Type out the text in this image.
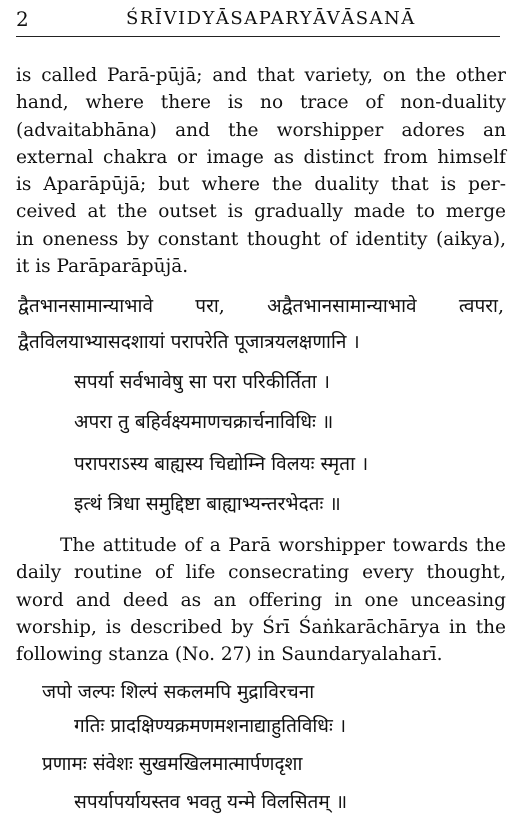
2	ŚRĪVIDYĀSAPARYĀVĀSANĀ
is called Parā-pūjā; and that variety, on the other
hand, where there is no trace of non-duality
(advaitabhāna) and the worshipper adores an
external chakra or image as distinct from himself
is Aparāpūjā; but where the duality that is per-
ceived at the outset is gradually made to merge
in oneness by constant thought of identity (aikya),
it is Parāparāpūjā.
द्वैतभानसामान्याभावे परा, अद्वैतभानसामान्याभावे त्वपरा,
द्वैतविलयाभ्यासदशायां परापरेति पूजात्रयलक्षणानि ।
सपर्या सर्वभावेषु सा परा परिकीर्तिता ।
अपरा तु बहिर्वक्ष्यमाणचक्रार्चनाविधिः ॥
परापराऽस्य बाह्यस्य चिद्योम्नि विलयः स्मृता ।
इत्थं त्रिधा समुद्दिष्टा बाह्याभ्यन्तरभेदतः ॥
The attitude of a Parā worshipper towards the
daily routine of life consecrating every thought,
word and deed as an offering in one unceasing
worship, is described by Śrī Śaṅkarāchārya in the
following stanza (No. 27) in Saundaryalaharī.
जपो जल्पः शिल्पं सकलमपि मुद्राविरचना
गतिः प्रादक्षिण्यक्रमणमशनाद्याहुतिविधिः ।
प्रणामः संवेशः सुखमखिलमात्मार्पणदृशा
सपर्यापर्यायस्तव भवतु यन्मे विलसितम् ॥
